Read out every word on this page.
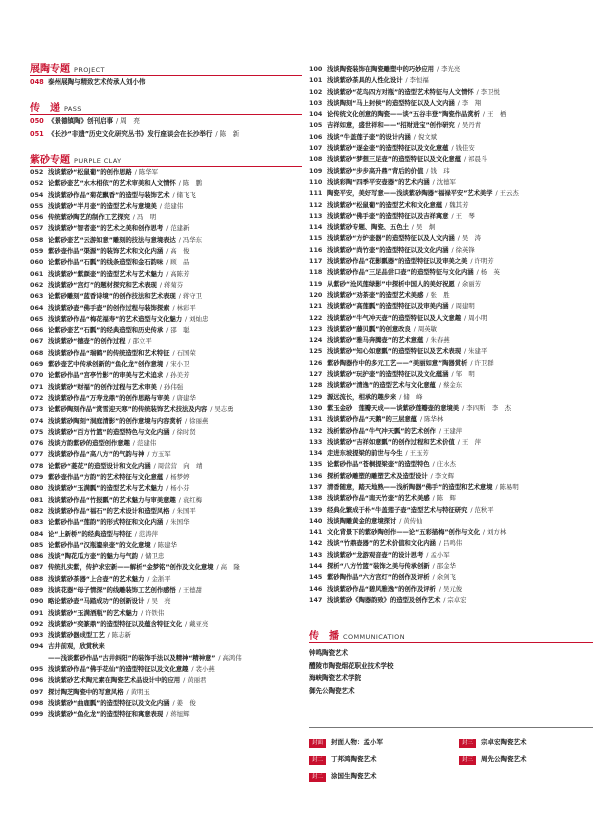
展陶专题 PROJECT
048 泰州展陶与精致艺术传承人刘小伟
传　递 PASS
050 《景德镇陶》创刊启事 / 周　亮
051 《长沙“非遗”历史文化研究丛书》发行座谈会在长沙举行 / 陈　新
紫砂专题 PURPLE CLAY
052 浅谈紫砂“松鼠葡”的创作思路 / 陈华军
052 论紫砂壶艺“水木相依”的艺术审美和人文情怀 / 陈　鹏
054 浅谈紫砂作品“菊花飘香”的造型与装饰艺术 / 储飞飞
055 浅谈紫砂“半月壶”的造型艺术与意境美 / 范建伟
056 传统紫砂陶艺的制作工艺探究 / 冯　明
057 浅谈紫砂“智者壶”的艺术之美和创作思考 / 范建新
058 论紫砂壶艺“云游如意”雕刻的技法与意境表达 / 冯华东
059 紫砂壶作品“渠源”的装饰艺术和文化内涵 / 高　俊
060 论紫砂作品“石瓢”的线条造型和金石韵味 / 顾　品
061 浅谈紫砂“紫颜壶”的造型艺术与艺术魅力 / 高陈芳
062 浅谈紫砂“宫灯”的题材探究和艺术表现 / 蒋菊芬
063 论紫砂雕刻“蓝香诗境”的创作技法和艺术表现 / 蒋守卫
064 浅谈紫砂壶“佛手壶”的创作过程与装饰探索 / 林彩平
065 浅谈紫砂作品“梅花福寿”的艺术造型与文化魅力 / 刘灿忠
066 论紫砂壶艺“石瓢”的经典造型和历史传承 / 邵　聪
067 浅谈紫砂“德壶”的创作过程 / 邵立平
068 浅谈紫砂作品“瑞鹤”的传统造型和艺术特征 / 石国荣
069 紫砂壶艺中传承创新的“鱼化龙”创作意境 / 宋小卫
070 论紫砂作品“宫亭竹影”的审美与艺术追求 / 孙美芳
071 浅谈紫砂“财福”的创作过程与艺术审美 / 孙伟强
072 浅谈紫砂作品“万寿龙鼎”的创作思路与审美 / 唐建华
073 论紫砂陶刻作品“赏雪迎天寒”的传统装饰艺术技法及内容 / 吴志勇
074 浅谈紫砂陶刻“洞庭清影”的创作意境与内容赏析 / 徐丽燕
075 浅谈紫砂“百方竹篮”的造型特色与文化内涵 / 徐时贤
076 浅谈方韵紫砂的造型创作意趣 / 范建伟
077 浅谈紫砂作品“高八方”的气韵与神 / 方玉军
078 论紫砂“菱花”的造型设计和文化内涵 / 周营营　向　靖
079 紫砂壶作品“方韵”的艺术特征与文化意蕴 / 杨梦婷
080 浅谈紫砂“玉满瓢”的造型艺术与艺术魅力 / 杨小芬
081 浅谈紫砂作品“竹报瓢”的艺术魅力与审美意趣 / 袁红梅
082 浅谈紫砂作品“福石”的艺术设计和造型风格 / 朱国平
083 论紫砂作品“莲韵”的形式特征和文化内涵 / 朱国华
084 论“上新桥”的经典造型与特征 / 范涛萍
085 论紫砂作品“汉瓶鎏泉壶”的文化意境 / 陈建华
086 浅谈“陶花瓜方壶”的魅力与气韵 / 储卫忠
087 传统扎实紫，传护求宏新——解析“金梦铭”创作及文化意境 / 高　隆
088 浅谈紫砂茶器“上合壶”的艺术魅力 / 金浙平
089 浅谈花器“母子情深”的线雕装饰工艺创作感悟 / 王德甜
090 略论紫砂壶“马踏成功”的创新设计 / 吴　亮
091 浅谈紫砂“玉满酒瓶”的艺术魅力 / 许铁伟
092 浅谈紫砂“奕篆鼎”的造型特征以及蕴含特征文化 / 戴亚亮
093 浅谈紫砂器成型工艺 / 陈志新
094 古井前观，欣赏秋来
——浅谈紫砂作品“古井斜阳”的装饰手法以及精神“精神意” / 高鸿伟
095 浅谈紫砂作品“佛手花仙”的造型特征以及文化意趣 / 裴小燕
096 浅谈紫砂艺术陶元素在陶瓷艺术品设计中的应用 / 黄丽君
097 探讨陶芝陶瓷中的写意风格 / 黄明玉
098 浅谈紫砂“曲鹿瓢”的造型特征以及文化内涵 / 姜　俊
099 浅谈紫砂“鱼化龙”的造型特征和寓意表现 / 蒋旭辉
100 浅谈陶瓷装饰在陶瓷雕塑中的巧妙应用 / 李光亮
101 浅谈紫砂茶具的人性化设计 / 李恒福
102 浅谈紫砂“花鸟四方对瓶”的造型艺术特征与人文情怀 / 李卫悦
103 浅谈陶刻“马上封侯”的造型特征以及人文内涵 / 李　翔
104 论传统文化创意的陶瓷——谈“五谷丰登”陶瓷作品赏析 / 王　栖
105 吉祥如意，盛世祥和——“招财进宝”创作研究 / 吴丹青
106 浅谈“牛盖莲子壶”的设计内涵 / 倪文斌
107 浅谈紫砂“逐金壶”的造型特征以及文化意蕴 / 钱佳安
108 浅谈紫砂“梦想三足壶”的造型特征以及文化意蕴 / 祁晨斗
109 浅谈紫砂“步步高升鼎”背后的价值 / 钱　玮
110 浅谈彩陶“四季平安壶器”的艺术内涵 / 沈德军
111 陶瓷平安，美好写意——浅谈紫砂陶器“福禄平安”艺术美学 / 王云杰
112 浅谈紫砂“松鼠葡”的造型艺术和文化意蕴 / 魏其芳
113 浅谈紫砂“佛手壶”的造型特征以及吉祥寓意 / 王　琴
114 浅谈紫砂专题、陶瓷、五色土 / 吴　炯
115 浅谈紫砂“方炉壶器”的造型特征以及人文内涵 / 吴　涛
116 浅谈紫砂“尚竹壶”的造型特征以及文化内涵 / 徐英锋
117 浅谈紫砂作品“花影瓢器”的造型特征以及审美之美 / 许明芳
118 浅谈紫砂作品“三足品尝口壶”的造型特征与文化内涵 / 杨　英
119 从紫砂“沧风莲绿影”中探析中国人的美好祝愿 / 余丽芳
120 浅谈紫砂“劝茶壶”的造型艺术美感 / 张　胜
121 浅谈紫砂“高莲瓢”的造型特征以及审美内涵 / 周建明
122 浅谈紫砂“牛气冲天壶”的造型特征以及人文意趣 / 周小明
123 浅谈紫砂“藤贝瓢”的创意改良 / 周英敏
124 浅谈紫砂“雅马奔腾壶”的艺术意蕴 / 朱春燕
125 浅谈紫砂“知心如意瓢”的造型特征以及艺术表现 / 朱建平
126 紫砂陶器作中的多元工艺——“美丽如意”陶器赏析 / 许卫群
127 浅谈紫砂“玩护壶”的造型特征以及文化蕴涵 / 邹　明
128 浅谈紫砂“清逸”的造型艺术与文化意蕴 / 蔡金东
129 源远流长，相承的趣步来 / 储　峰
130 紫玉金砂　莲瓣天成——谈紫砂莲瓣壶的意境美 / 李四斯　李　杰
131 浅谈紫砂作品“天鹅”的三层意蕴 / 陈华林
132 浅析紫砂作品“牛气冲天瓢”的艺术创作 / 王建萍
133 浅谈紫砂“吉祥如意瓢”的创作过程和艺术价值 / 王　萍
134 走进东坡提梁的前世与今生 / 王玉芳
135 论紫砂作品“苍桐提梁壶”的造型特色 / 庄水杰
136 探析紫砂雕塑的雕塑艺术及造型设计 / 李文辉
137 清香随意，踏天地熟——浅析陶器“佛手”的造型和艺术意境 / 陈易明
138 浅谈紫砂作品“南天竹壶”的艺术美感 / 陈　辉
139 经典化繁成于朴“牛盖莲子壶”造型艺术与特征研究 / 范秋平
140 浅谈陶雕黄金的意境探讨 / 黄传仙
141 文化背景下的紫砂陶创作——论“五彩描梅”创作与文化 / 刘方林
142 浅谈“竹鼎壶器”的艺术价值和文化内涵 / 吕鸣伟
143 浅谈紫砂“龙游观音壶”的设计思考 / 孟小军
144 探析“八方竹篮”装饰之美与传承创新 / 邵金华
145 紫砂陶作品“六方宫灯”的创作及评析 / 余剑飞
146 浅谈紫砂作品“碧风雅逸”的创作及评析 / 吴元俊
147 浅谈紫砂《陶器韵致》的造型及创作艺术 / 宗卓宏
传　播 COMMUNICATION
钟鸣陶瓷艺术
醴陵市陶瓷烟花职业技术学校
海峡陶瓷艺术学院
御先公陶瓷艺术
封面 封面人物：孟小军	封三 宗卓宏陶瓷艺术
封二 丁邦鸿陶瓷艺术	封三 周先公陶瓷艺术
封二 涂国生陶瓷艺术
